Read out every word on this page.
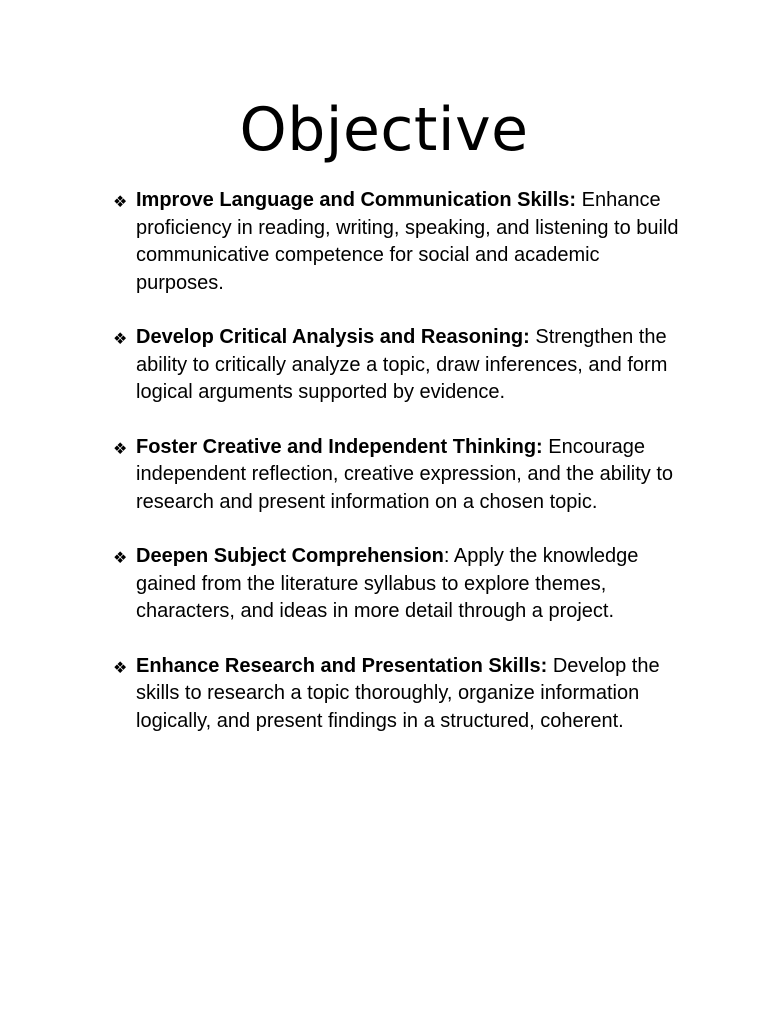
Objective
❖ Improve Language and Communication Skills: Enhance proficiency in reading, writing, speaking, and listening to build communicative competence for social and academic purposes.
❖ Develop Critical Analysis and Reasoning: Strengthen the ability to critically analyze a topic, draw inferences, and form logical arguments supported by evidence.
❖ Foster Creative and Independent Thinking: Encourage independent reflection, creative expression, and the ability to research and present information on a chosen topic.
❖ Deepen Subject Comprehension: Apply the knowledge gained from the literature syllabus to explore themes, characters, and ideas in more detail through a project.
❖ Enhance Research and Presentation Skills: Develop the skills to research a topic thoroughly, organize information logically, and present findings in a structured, coherent.
